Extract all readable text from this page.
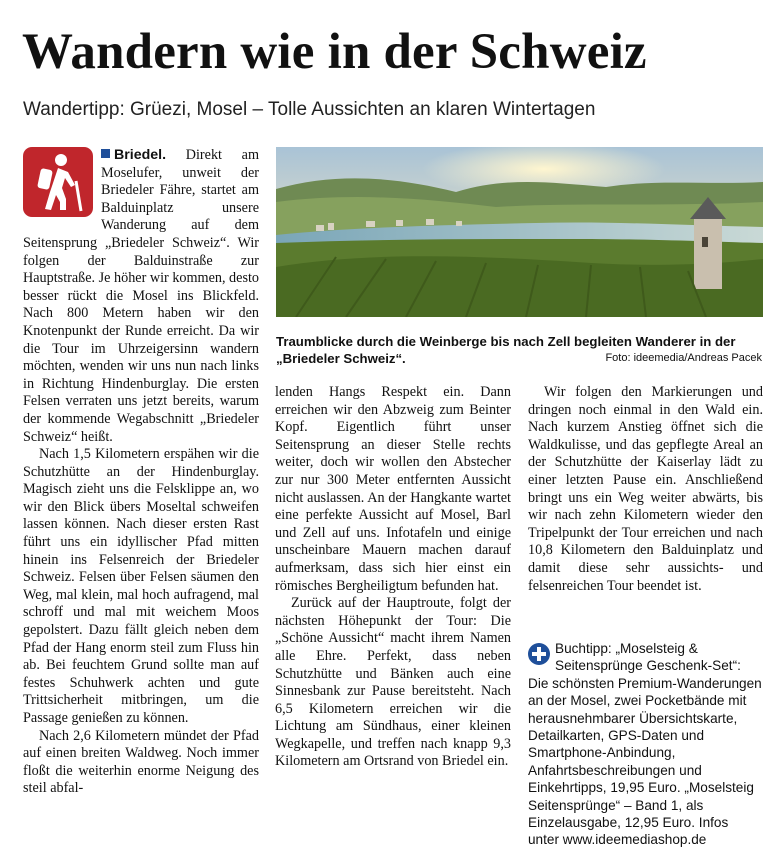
Wandern wie in der Schweiz
Wandertipp: Grüezi, Mosel – Tolle Aussichten an klaren Wintertagen

Briedel. Direkt am Moselufer, unweit der Briedeler Fähre, startet am Balduinplatz unsere Wanderung auf dem Seitensprung „Briedeler Schweiz“. Wir folgen der Balduinstraße zur Hauptstraße. Je höher wir kommen, desto besser rückt die Mosel ins Blickfeld. Nach 800 Metern haben wir den Knotenpunkt der Runde erreicht. Da wir die Tour im Uhrzeigersinn wandern möchten, wenden wir uns nun nach links in Richtung Hindenburglay. Die ersten Felsen verraten uns jetzt bereits, warum der kommende Wegabschnitt „Briedeler Schweiz“ heißt.

Nach 1,5 Kilometern erspähen wir die Schutzhütte an der Hindenburglay. Magisch zieht uns die Felsklippe an, wo wir den Blick übers Moseltal schweifen lassen können. Nach dieser ersten Rast führt uns ein idyllischer Pfad mitten hinein ins Felsenreich der Briedeler Schweiz. Felsen über Felsen säumen den Weg, mal klein, mal hoch aufragend, mal schroff und mal mit weichem Moos gepolstert. Dazu fällt gleich neben dem Pfad der Hang enorm steil zum Fluss hin ab. Bei feuchtem Grund sollte man auf festes Schuhwerk achten und gute Trittsicherheit mitbringen, um die Passage genießen zu können.

Nach 2,6 Kilometern mündet der Pfad auf einen breiten Waldweg. Noch immer floßt die weiterhin enorme Neigung des steil abfal-

Traumblicke durch die Weinberge bis nach Zell begleiten Wanderer in der „Briedeler Schweiz“.	Foto: ideemedia/Andreas Pacek

lenden Hangs Respekt ein. Dann erreichen wir den Abzweig zum Beinter Kopf. Eigentlich führt unser Seitensprung an dieser Stelle rechts weiter, doch wir wollen den Abstecher zur nur 300 Meter entfernten Aussicht nicht auslassen. An der Hangkante wartet eine perfekte Aussicht auf Mosel, Barl und Zell auf uns. Infotafeln und einige unscheinbare Mauern machen darauf aufmerksam, dass sich hier einst ein römisches Bergheiligtum befunden hat.

Zurück auf der Hauptroute, folgt der nächsten Höhepunkt der Tour: Die „Schöne Aussicht“ macht ihrem Namen alle Ehre. Perfekt, dass neben Schutzhütte und Bänken auch eine Sinnesbank zur Pause bereitsteht. Nach 6,5 Kilometern erreichen wir die Lichtung am Sündhaus, einer kleinen Wegkapelle, und treffen nach knapp 9,3 Kilometern am Ortsrand von Briedel ein.

Wir folgen den Markierungen und dringen noch einmal in den Wald ein. Nach kurzem Anstieg öffnet sich die Waldkulisse, und das gepflegte Areal an der Schutzhütte der Kaiserlay lädt zu einer letzten Pause ein. Anschließend bringt uns ein Weg weiter abwärts, bis wir nach zehn Kilometern wieder den Tripelpunkt der Tour erreichen und nach 10,8 Kilometern den Balduinplatz und damit diese sehr aussichts- und felsenreichen Tour beendet ist.

Buchtipp: „Moselsteig & Seitensprünge Geschenk-Set“: Die schönsten Premium-Wanderungen an der Mosel, zwei Pocketbände mit herausnehmbarer Übersichtskarte, Detailkarten, GPS-Daten und Smartphone-Anbindung, Anfahrtsbeschreibungen und Einkehrtipps, 19,95 Euro. „Moselsteig Seitensprünge“ – Band 1, als Einzelausgabe, 12,95 Euro. Infos unter www.ideemediashop.de
